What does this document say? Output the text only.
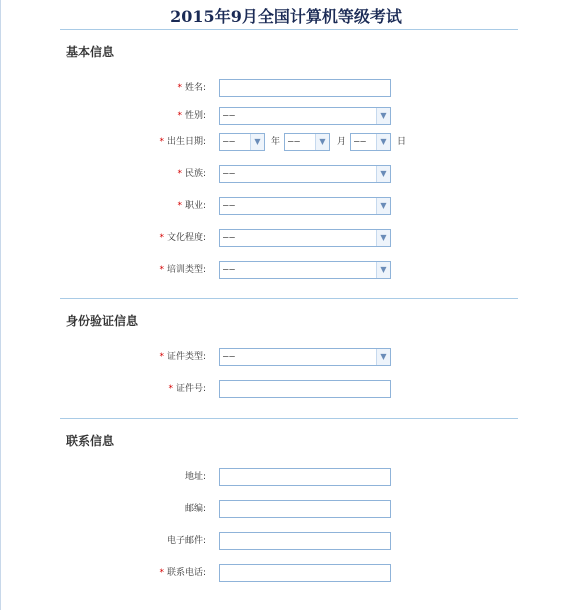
2015年9月全国计算机等级考试
基本信息
* 姓名:
* 性别:	——	▼
* 出生日期:	——	▼	年 ——	▼	月 ——	▼	日
* 民族:	——	▼
* 职业:	——	▼
* 文化程度:	——	▼
* 培训类型:	——	▼
身份验证信息
* 证件类型:	——	▼
* 证件号:
联系信息
地址:
邮编:
电子邮件:
* 联系电话:
